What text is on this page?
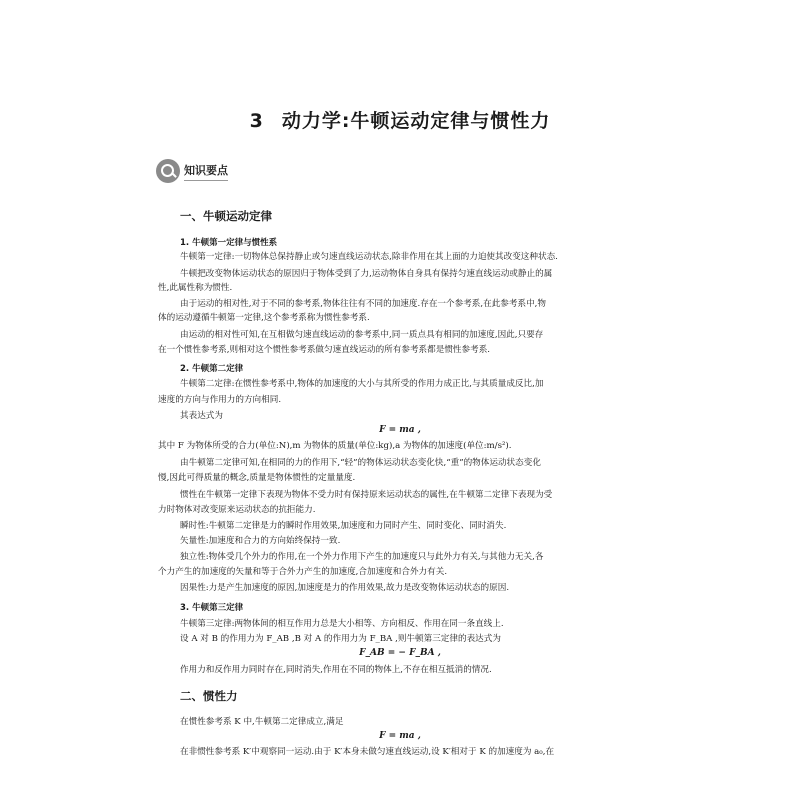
3 动力学:牛顿运动定律与惯性力
知识要点
一、牛顿运动定律
1. 牛顿第一定律与惯性系
牛顿第一定律:一切物体总保持静止或匀速直线运动状态,除非作用在其上面的力迫使其改变这种状态.
牛顿把改变物体运动状态的原因归于物体受到了力,运动物体自身具有保持匀速直线运动或静止的属
性,此属性称为惯性.
由于运动的相对性,对于不同的参考系,物体往往有不同的加速度.存在一个参考系,在此参考系中,物
体的运动遵循牛顿第一定律,这个参考系称为惯性参考系.
由运动的相对性可知,在互相做匀速直线运动的参考系中,同一质点具有相同的加速度,因此,只要存
在一个惯性参考系,则相对这个惯性参考系做匀速直线运动的所有参考系都是惯性参考系.
2. 牛顿第二定律
牛顿第二定律:在惯性参考系中,物体的加速度的大小与其所受的作用力成正比,与其质量成反比,加
速度的方向与作用力的方向相同.
其表达式为
F = ma ,
其中 F 为物体所受的合力(单位:N),m 为物体的质量(单位:kg),a 为物体的加速度(单位:m/s²).
由牛顿第二定律可知,在相同的力的作用下,“轻”的物体运动状态变化快,“重”的物体运动状态变化
慢,因此可得质量的概念,质量是物体惯性的定量量度.
惯性在牛顿第一定律下表现为物体不受力时有保持原来运动状态的属性,在牛顿第二定律下表现为受
力时物体对改变原来运动状态的抗拒能力.
瞬时性:牛顿第二定律是力的瞬时作用效果,加速度和力同时产生、同时变化、同时消失.
矢量性:加速度和合力的方向始终保持一致.
独立性:物体受几个外力的作用,在一个外力作用下产生的加速度只与此外力有关,与其他力无关,各
个力产生的加速度的矢量和等于合外力产生的加速度,合加速度和合外力有关.
因果性:力是产生加速度的原因,加速度是力的作用效果,故力是改变物体运动状态的原因.
3. 牛顿第三定律
牛顿第三定律:两物体间的相互作用力总是大小相等、方向相反、作用在同一条直线上.
设 A 对 B 的作用力为 F_AB ,B 对 A 的作用力为 F_BA ,则牛顿第三定律的表达式为
F_AB = − F_BA ,
作用力和反作用力同时存在,同时消失,作用在不同的物体上,不存在相互抵消的情况.
二、惯性力
在惯性参考系 K 中,牛顿第二定律成立,满足
F = ma ,
在非惯性参考系 K′中观察同一运动.由于 K′本身未做匀速直线运动,设 K′相对于 K 的加速度为 a₀,在
